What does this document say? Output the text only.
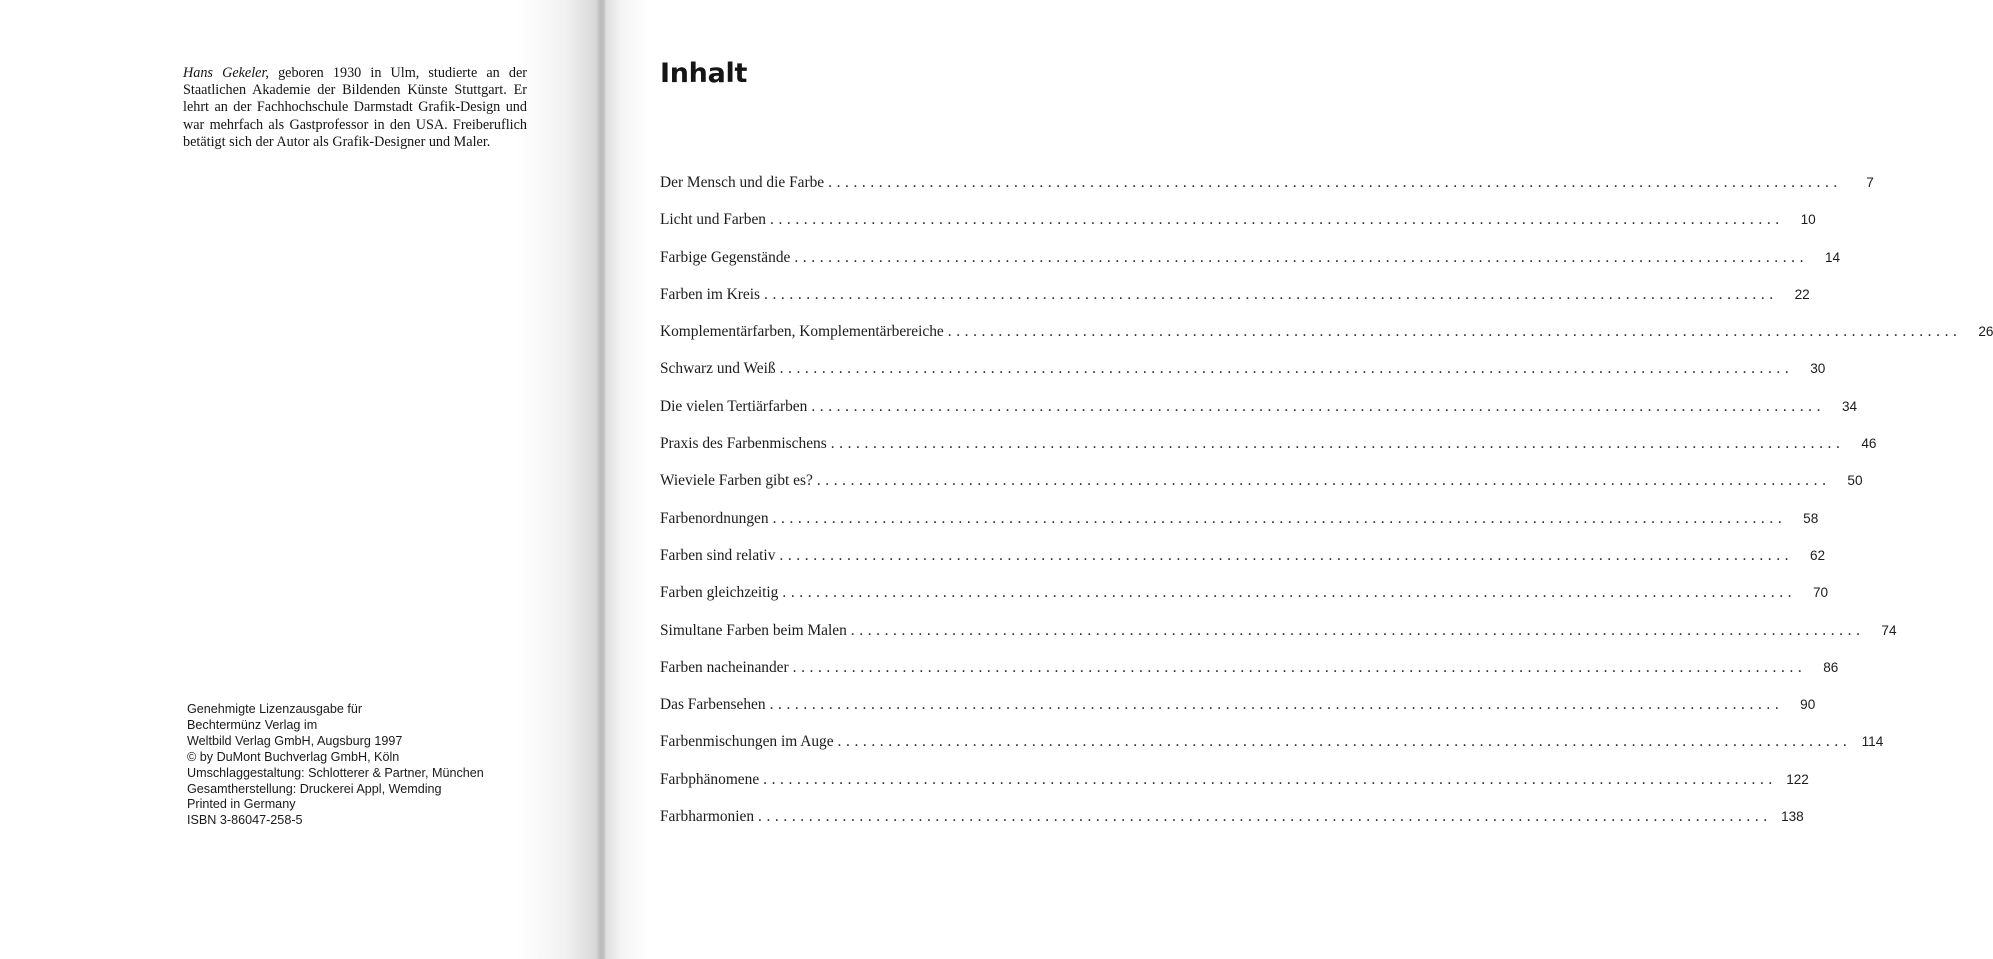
Hans Gekeler, geboren 1930 in Ulm, studierte an der Staatlichen Akademie der Bildenden Künste Stuttgart. Er lehrt an der Fachhochschule Darmstadt Grafik-Design und war mehrfach als Gastprofessor in den USA. Freiberuflich betätigt sich der Autor als Grafik-Designer und Maler.

Genehmigte Lizenzausgabe für
Bechtermünz Verlag im
Weltbild Verlag GmbH, Augsburg 1997
© by DuMont Buchverlag GmbH, Köln
Umschlaggestaltung: Schlotterer & Partner, München
Gesamtherstellung: Druckerei Appl, Wemding
Printed in Germany
ISBN 3-86047-258-5
Inhalt
Der Mensch und die Farbe ........................................................................................................................	7
Licht und Farben ........................................................................................................................	10
Farbige Gegenstände ........................................................................................................................	14
Farben im Kreis ........................................................................................................................	22
Komplementärfarben, Komplementärbereiche ........................................................................................................................	26
Schwarz und Weiß ........................................................................................................................	30
Die vielen Tertiärfarben ........................................................................................................................	34
Praxis des Farbenmischens ........................................................................................................................	46
Wieviele Farben gibt es? ........................................................................................................................	50
Farbenordnungen ........................................................................................................................	58
Farben sind relativ ........................................................................................................................	62
Farben gleichzeitig ........................................................................................................................	70
Simultane Farben beim Malen ........................................................................................................................	74
Farben nacheinander ........................................................................................................................	86
Das Farbensehen ........................................................................................................................	90
Farbenmischungen im Auge ........................................................................................................................ 114
Farbphänomene ........................................................................................................................ 122
Farbharmonien ........................................................................................................................ 138
